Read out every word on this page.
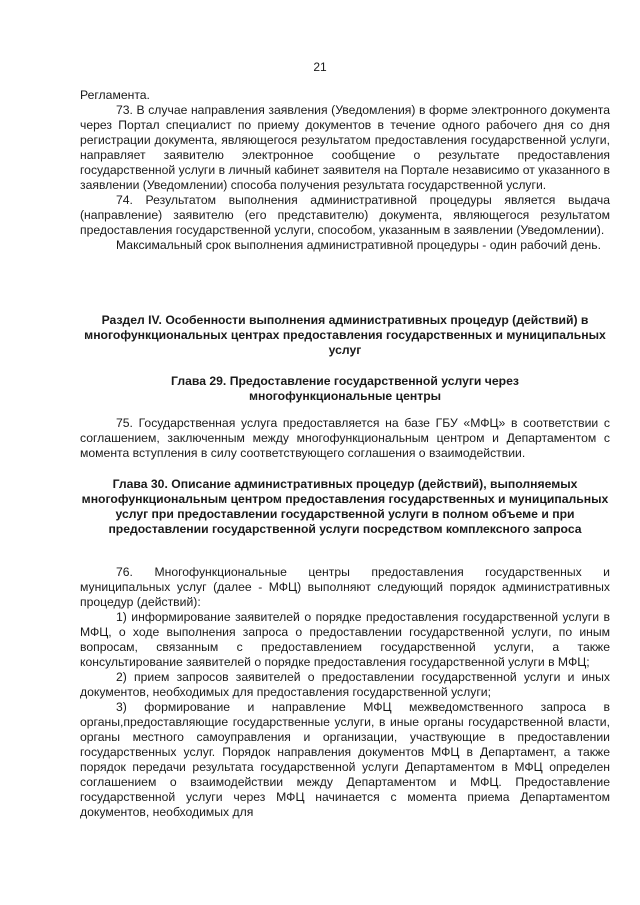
21

Регламента.

73. В случае направления заявления (Уведомления) в форме электронного документа через Портал специалист по приему документов в течение одного рабочего дня со дня регистрации документа, являющегося результатом предоставления государственной услуги, направляет заявителю электронное сообщение о результате предоставления государственной услуги в личный кабинет заявителя на Портале независимо от указанного в заявлении (Уведомлении) способа получения результата государственной услуги.

74. Результатом выполнения административной процедуры является выдача (направление) заявителю (его представителю) документа, являющегося результатом предоставления государственной услуги, способом, указанным в заявлении (Уведомлении).

Максимальный срок выполнения административной процедуры - один рабочий день.

Раздел IV. Особенности выполнения административных процедур (действий) в многофункциональных центрах предоставления государственных и муниципальных услуг

Глава 29. Предоставление государственной услуги через многофункциональные центры

75. Государственная услуга предоставляется на базе ГБУ «МФЦ» в соответствии с соглашением, заключенным между многофункциональным центром и Департаментом с момента вступления в силу соответствующего соглашения о взаимодействии.

Глава 30. Описание административных процедур (действий), выполняемых многофункциональным центром предоставления государственных и муниципальных услуг при предоставлении государственной услуги в полном объеме и при предоставлении государственной услуги посредством комплексного запроса

76. Многофункциональные центры предоставления государственных и муниципальных услуг (далее - МФЦ) выполняют следующий порядок административных процедур (действий):

1) информирование заявителей о порядке предоставления государственной услуги в МФЦ, о ходе выполнения запроса о предоставлении государственной услуги, по иным вопросам, связанным с предоставлением государственной услуги, а также консультирование заявителей о порядке предоставления государственной услуги в МФЦ;

2) прием запросов заявителей о предоставлении государственной услуги и иных документов, необходимых для предоставления государственной услуги;

3) формирование и направление МФЦ межведомственного запроса в органы,предоставляющие государственные услуги, в иные органы государственной власти, органы местного самоуправления и организации, участвующие в предоставлении государственных услуг. Порядок направления документов МФЦ в Департамент, а также порядок передачи результата государственной услуги Департаментом в МФЦ определен соглашением о взаимодействии между Департаментом и МФЦ. Предоставление государственной услуги через МФЦ начинается с момента приема Департаментом документов, необходимых для
